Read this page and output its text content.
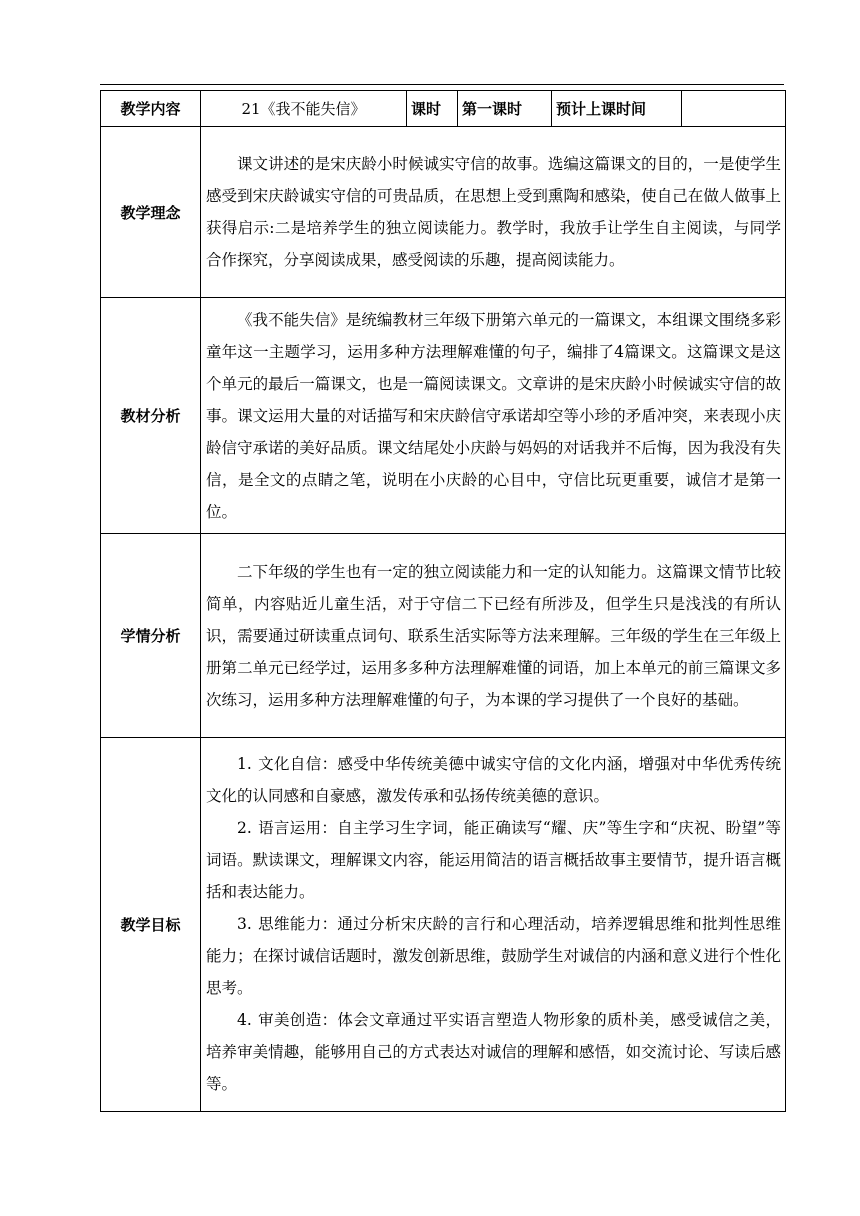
教学内容	21《我不能失信》	课时	第一课时	预计上课时间	
教学理念	课文讲述的是宋庆龄小时候诚实守信的故事。选编这篇课文的目的，一是使学生感受到宋庆龄诚实守信的可贵品质，在思想上受到熏陶和感染，使自己在做人做事上获得启示:二是培养学生的独立阅读能力。教学时，我放手让学生自主阅读，与同学合作探究，分享阅读成果，感受阅读的乐趣，提高阅读能力。				

教材分析	《我不能失信》是统编教材三年级下册第六单元的一篇课文，本组课文围绕多彩童年这一主题学习，运用多种方法理解难懂的句子，编排了4篇课文。这篇课文是这个单元的最后一篇课文，也是一篇阅读课文。文章讲的是宋庆龄小时候诚实守信的故事。课文运用大量的对话描写和宋庆龄信守承诺却空等小珍的矛盾冲突，来表现小庆龄信守承诺的美好品质。课文结尾处小庆龄与妈妈的对话我并不后悔，因为我没有失信，是全文的点睛之笔，说明在小庆龄的心目中，守信比玩更重要，诚信才是第一位。				

学情分析	二下年级的学生也有一定的独立阅读能力和一定的认知能力。这篇课文情节比较简单，内容贴近儿童生活，对于守信二下已经有所涉及，但学生只是浅浅的有所认识，需要通过研读重点词句、联系生活实际等方法来理解。三年级的学生在三年级上册第二单元已经学过，运用多多种方法理解难懂的词语，加上本单元的前三篇课文多次练习，运用多种方法理解难懂的句子，为本课的学习提供了一个良好的基础。				

教学目标	1. 文化自信：感受中华传统美德中诚实守信的文化内涵，增强对中华优秀传统文化的认同感和自豪感，激发传承和弘扬传统美德的意识。

2. 语言运用：自主学习生字词，能正确读写“耀、庆”等生字和“庆祝、盼望”等词语。默读课文，理解课文内容，能运用简洁的语言概括故事主要情节，提升语言概括和表达能力。

3. 思维能力：通过分析宋庆龄的言行和心理活动，培养逻辑思维和批判性思维能力；在探讨诚信话题时，激发创新思维，鼓励学生对诚信的内涵和意义进行个性化思考。

4. 审美创造：体会文章通过平实语言塑造人物形象的质朴美，感受诚信之美，培养审美情趣，能够用自己的方式表达对诚信的理解和感悟，如交流讨论、写读后感等。				
